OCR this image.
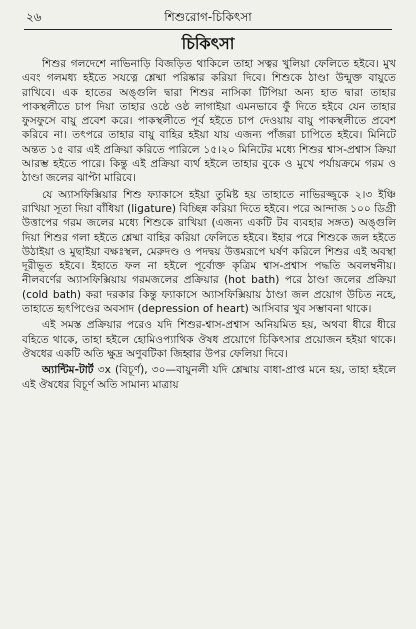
২৬	শিশুরোগ-চিকিৎসা
চিকিৎসা

শিশুর গলদেশে নাভিনাড়ি বিজড়িত থাকিলে তাহা সত্বর খুলিয়া ফেলিতে হইবে। মুখ এবং গলমধ্য হইতে সযত্নে শ্লেষ্মা পরিষ্কার করিয়া দিবে। শিশুকে ঠাণ্ডা উন্মুক্ত বায়ুতে রাখিবে। এক হাতের অঙ্গুলি দ্বারা শিশুর নাসিকা টিপিয়া অন্য হাত দ্বারা তাহার পাকস্থলীতে চাপ দিয়া তাহার ওষ্ঠে ওষ্ঠ লাগাইয়া এমনভাবে ফুঁ দিতে হইবে যেন তাহার ফুসফুসে বায়ু প্রবেশ করে। পাকস্থলীতে পূর্ব হইতে চাপ দেওয়ায় বায়ু পাকস্থলীতে প্রবেশ করিবে না। তৎপরে তাহার বায়ু বাহির হইয়া যায় এজন্য পাঁজরা চাপিতে হইবে। মিনিটে অন্তত ১৫ বার এই প্রক্রিয়া করিতে পারিলে ১৫।২০ মিনিটের মধ্যে শিশুর শ্বাস-প্রশ্বাস ক্রিয়া আরম্ভ হইতে পারে। কিন্তু এই প্রক্রিয়া ব্যর্থ হইলে তাহার বুকে ও মুখে পর্যায়ক্রমে গরম ও ঠাণ্ডা জলের ঝাপ্টা মারিবে।

যে অ্যাসফিক্সিয়ার শিশু ফ্যাকাসে হইয়া তুমিষ্ট হয় তাহাতে নাভিরজ্জুকে ২।৩ ইঞ্চি রাখিয়া সূতা দিয়া বাঁধিয়া (ligature) বিচ্ছিন্ন করিয়া দিতে হইবে। পরে আন্দাজ ১০০ ডিগ্রী উত্তাপের গরম জলের মধ্যে শিশুকে রাখিয়া (এজন্য একটি টব ব্যবহার সঙ্গত) অঙ্গুলি দিয়া শিশুর গলা হইতে শ্লেষ্মা বাহির করিয়া ফেলিতে হইবে। ইহার পরে শিশুকে জল হইতে উঠাইয়া ও মুছাইয়া বক্ষঃস্থল, মেরুদণ্ড ও পদদ্বয় উত্তমরূপে ঘর্ষণ করিলে শিশুর এই অবস্থা দূরীভূত হইবে। ইহাতে ফল না হইলে পূর্বোক্ত কৃত্রিম শ্বাস-প্রশ্বাস পদ্ধতি অবলম্বনীয়। নীলবর্ণের অ্যাসফিক্সিয়ায় গরমজলের প্রক্রিয়ার (hot bath) পরে ঠাণ্ডা জলের প্রক্রিয়া (cold bath) করা দরকার কিন্তু ফ্যাকাসে অ্যাসফিক্সিয়ায় ঠাণ্ডা জল প্রয়োগ উচিত নহে, তাহাতে হৃৎপিণ্ডের অবসাদ (depression of heart) আসিবার খুব সম্ভাবনা থাকে।

এই সমস্ত প্রক্রিয়ার পরেও যদি শিশুর-শ্বাস-প্রশ্বাস অনিয়মিত হয়, অথবা ধীরে ধীরে বহিতে থাকে, তাহা হইলে হোমিওপ্যাথিক ঔষধ প্রয়োগে চিকিৎসার প্রয়োজন হইয়া থাকে। ঔষধের একটি অতি ক্ষুদ্র অণুবটিকা জিহ্বার উপর ফেলিয়া দিবে।

অ্যান্টিম-টার্ট ৩x (বিচূর্ণ), ৩০—বায়ুনলী যদি শ্লেষ্মায় বাধা-প্রাপ্ত মনে হয়, তাহা হইলে এই ঔষধের বিচূর্ণ অতি সামান্য মাত্রায়
